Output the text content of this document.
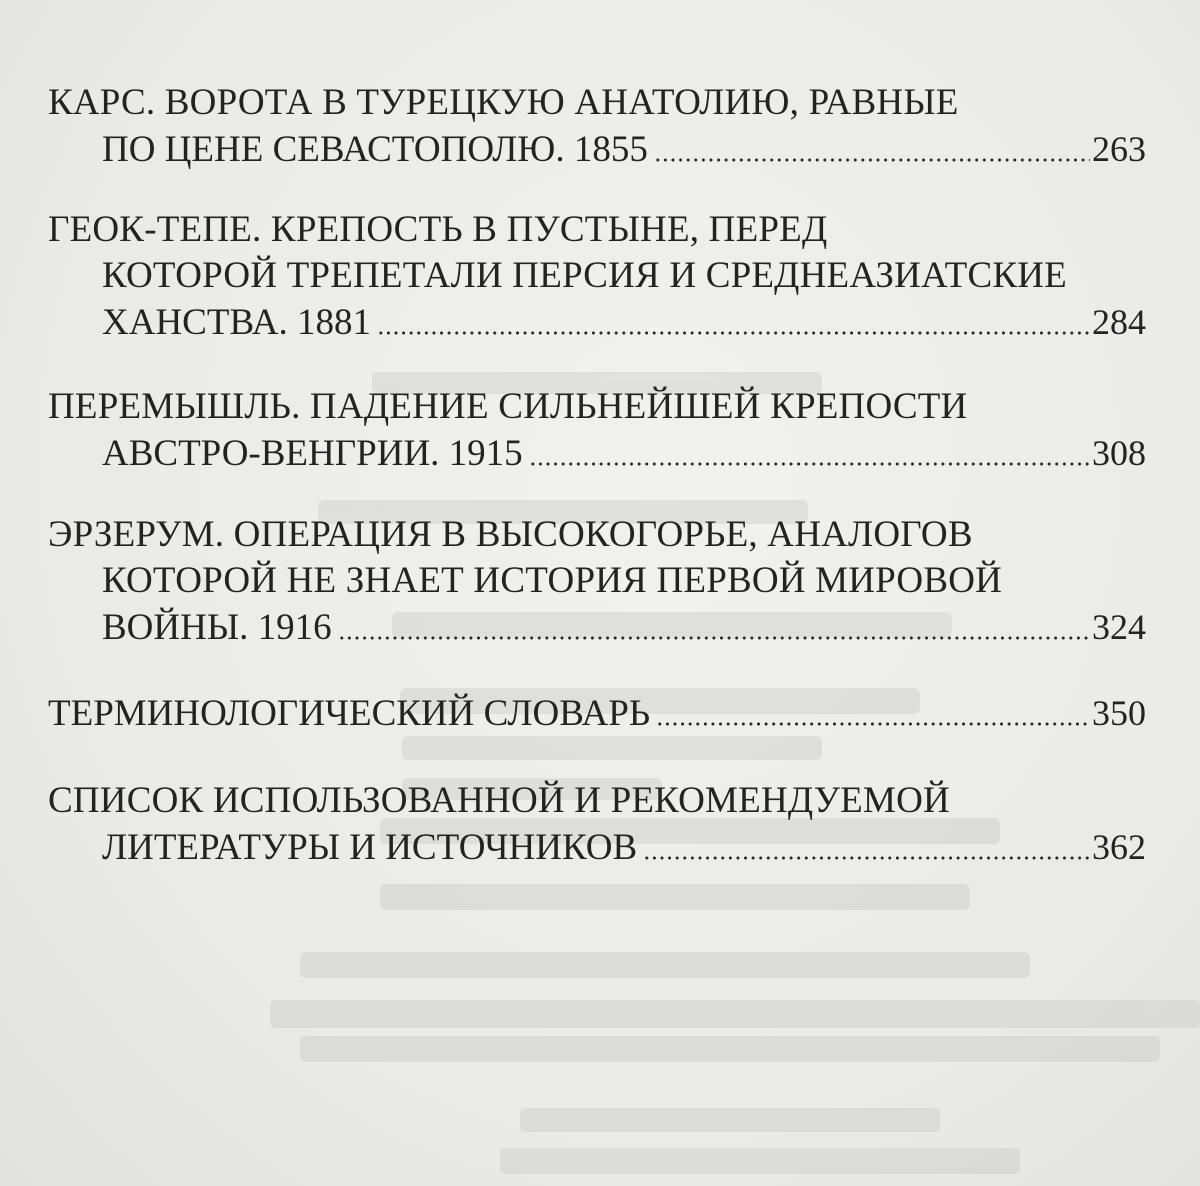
КАРС. ВОРОТА В ТУРЕЦКУЮ АНАТОЛИЮ, РАВНЫЕ
ПО ЦЕНЕ СЕВАСТОПОЛЮ. 1855	263
ГЕОК-ТЕПЕ. КРЕПОСТЬ В ПУСТЫНЕ, ПЕРЕД
КОТОРОЙ ТРЕПЕТАЛИ ПЕРСИЯ И СРЕДНЕАЗИАТСКИЕ
ХАНСТВА. 1881	284
ПЕРЕМЫШЛЬ. ПАДЕНИЕ СИЛЬНЕЙШЕЙ КРЕПОСТИ
АВСТРО-ВЕНГРИИ. 1915	308
ЭРЗЕРУМ. ОПЕРАЦИЯ В ВЫСОКОГОРЬЕ, АНАЛОГОВ
КОТОРОЙ НЕ ЗНАЕТ ИСТОРИЯ ПЕРВОЙ МИРОВОЙ
ВОЙНЫ. 1916	324
ТЕРМИНОЛОГИЧЕСКИЙ СЛОВАРЬ	350
СПИСОК ИСПОЛЬЗОВАННОЙ И РЕКОМЕНДУЕМОЙ
ЛИТЕРАТУРЫ И ИСТОЧНИКОВ	362
